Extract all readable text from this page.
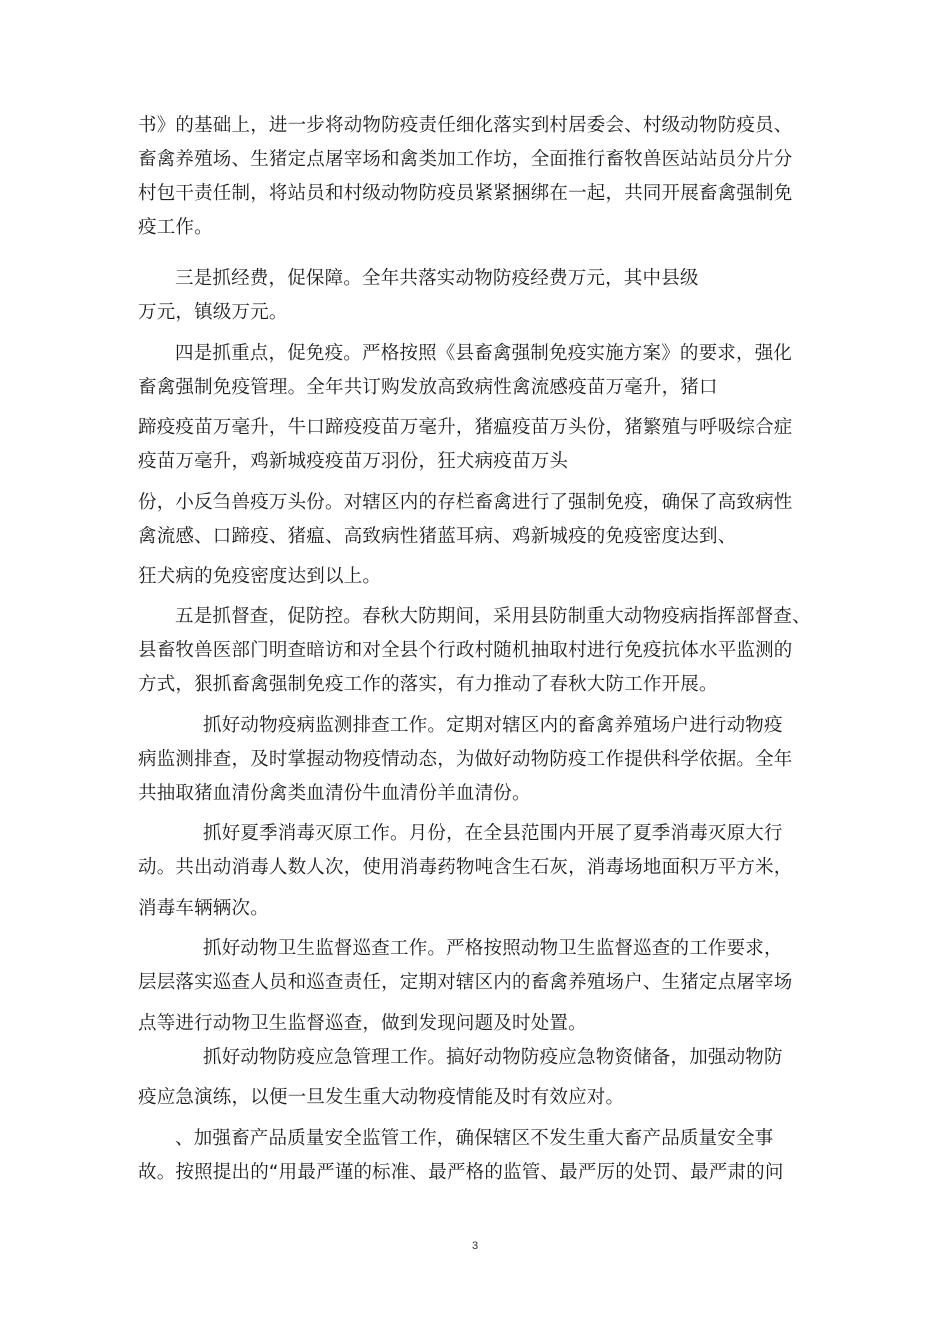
书》的基础上，进一步将动物防疫责任细化落实到村居委会、村级动物防疫员、
畜禽养殖场、生猪定点屠宰场和禽类加工作坊，全面推行畜牧兽医站站员分片分
村包干责任制，将站员和村级动物防疫员紧紧捆绑在一起，共同开展畜禽强制免
疫工作。
三是抓经费，促保障。全年共落实动物防疫经费万元，其中县级
万元，镇级万元。
四是抓重点，促免疫。严格按照《县畜禽强制免疫实施方案》的要求，强化
畜禽强制免疫管理。全年共订购发放高致病性禽流感疫苗万毫升，猪口
蹄疫疫苗万毫升，牛口蹄疫疫苗万毫升，猪瘟疫苗万头份，猪繁殖与呼吸综合症
疫苗万毫升，鸡新城疫疫苗万羽份，狂犬病疫苗万头
份，小反刍兽疫万头份。对辖区内的存栏畜禽进行了强制免疫，确保了高致病性
禽流感、口蹄疫、猪瘟、高致病性猪蓝耳病、鸡新城疫的免疫密度达到、
狂犬病的免疫密度达到以上。
五是抓督查，促防控。春秋大防期间，采用县防制重大动物疫病指挥部督查、
县畜牧兽医部门明查暗访和对全县个行政村随机抽取村进行免疫抗体水平监测的
方式，狠抓畜禽强制免疫工作的落实，有力推动了春秋大防工作开展。
抓好动物疫病监测排查工作。定期对辖区内的畜禽养殖场户进行动物疫
病监测排查，及时掌握动物疫情动态，为做好动物防疫工作提供科学依据。全年
共抽取猪血清份禽类血清份牛血清份羊血清份。
抓好夏季消毒灭原工作。月份，在全县范围内开展了夏季消毒灭原大行
动。共出动消毒人数人次，使用消毒药物吨含生石灰，消毒场地面积万平方米，
消毒车辆辆次。
抓好动物卫生监督巡查工作。严格按照动物卫生监督巡查的工作要求，
层层落实巡查人员和巡查责任，定期对辖区内的畜禽养殖场户、生猪定点屠宰场
点等进行动物卫生监督巡查，做到发现问题及时处置。
抓好动物防疫应急管理工作。搞好动物防疫应急物资储备，加强动物防
疫应急演练，以便一旦发生重大动物疫情能及时有效应对。
、加强畜产品质量安全监管工作，确保辖区不发生重大畜产品质量安全事
故。按照提出的“用最严谨的标准、最严格的监管、最严厉的处罚、最严肃的问
3
